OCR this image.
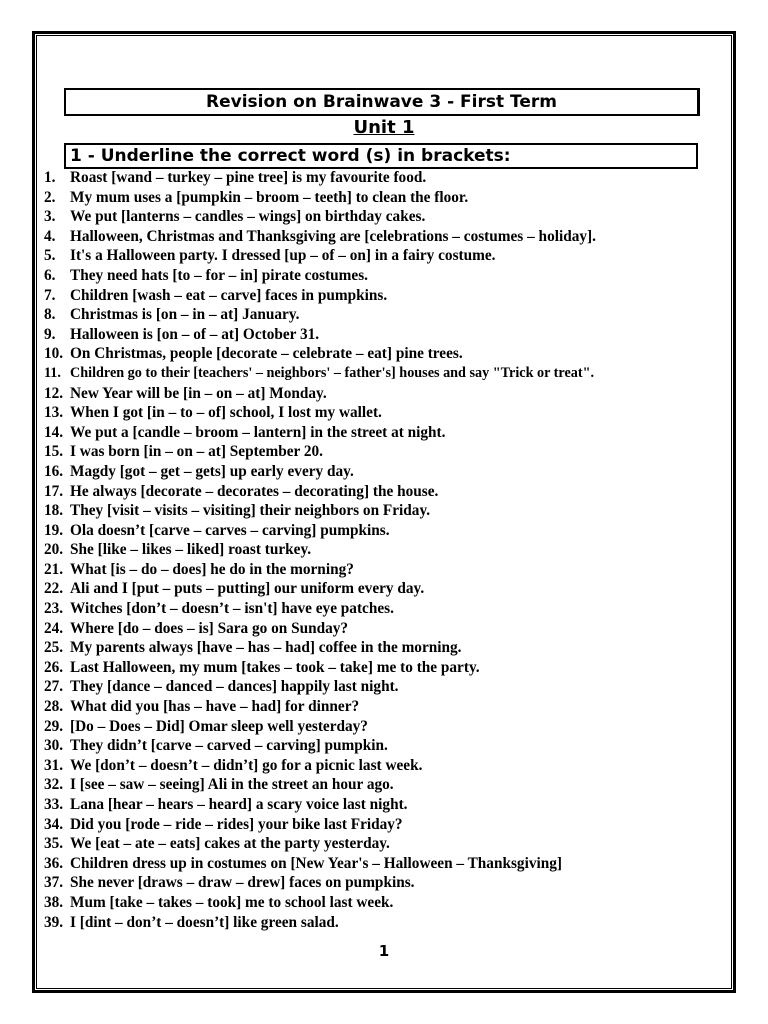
Revision on Brainwave 3 - First Term
Unit 1
1 - Underline the correct word (s) in brackets:
1. Roast [wand – turkey – pine tree] is my favourite food.
2. My mum uses a [pumpkin – broom – teeth] to clean the floor.
3. We put [lanterns – candles – wings] on birthday cakes.
4. Halloween, Christmas and Thanksgiving are [celebrations – costumes – holiday].
5. It's a Halloween party. I dressed [up – of – on] in a fairy costume.
6. They need hats [to – for – in] pirate costumes.
7. Children [wash – eat – carve] faces in pumpkins.
8. Christmas is [on – in – at] January.
9. Halloween is [on – of – at] October 31.
10. On Christmas, people [decorate – celebrate – eat] pine trees.
11. Children go to their [teachers' – neighbors' – father's] houses and say "Trick or treat".
12. New Year will be [in – on – at] Monday.
13. When I got [in – to – of] school, I lost my wallet.
14. We put a [candle – broom – lantern] in the street at night.
15. I was born [in – on – at] September 20.
16. Magdy [got – get – gets] up early every day.
17. He always [decorate – decorates – decorating] the house.
18. They [visit – visits – visiting] their neighbors on Friday.
19. Ola doesn’t [carve – carves – carving] pumpkins.
20. She [like – likes – liked] roast turkey.
21. What [is – do – does] he do in the morning?
22. Ali and I [put – puts – putting] our uniform every day.
23. Witches [don’t – doesn’t – isn't] have eye patches.
24. Where [do – does – is] Sara go on Sunday?
25. My parents always [have – has – had] coffee in the morning.
26. Last Halloween, my mum [takes – took – take] me to the party.
27. They [dance – danced – dances] happily last night.
28. What did you [has – have – had] for dinner?
29. [Do – Does – Did] Omar sleep well yesterday?
30. They didn’t [carve – carved – carving] pumpkin.
31. We [don’t – doesn’t – didn’t] go for a picnic last week.
32. I [see – saw – seeing] Ali in the street an hour ago.
33. Lana [hear – hears – heard] a scary voice last night.
34. Did you [rode – ride – rides] your bike last Friday?
35. We [eat – ate – eats] cakes at the party yesterday.
36. Children dress up in costumes on [New Year's – Halloween – Thanksgiving]
37. She never [draws – draw – drew] faces on pumpkins.
38. Mum [take – takes – took] me to school last week.
39. I [dint – don’t – doesn’t] like green salad.
1
